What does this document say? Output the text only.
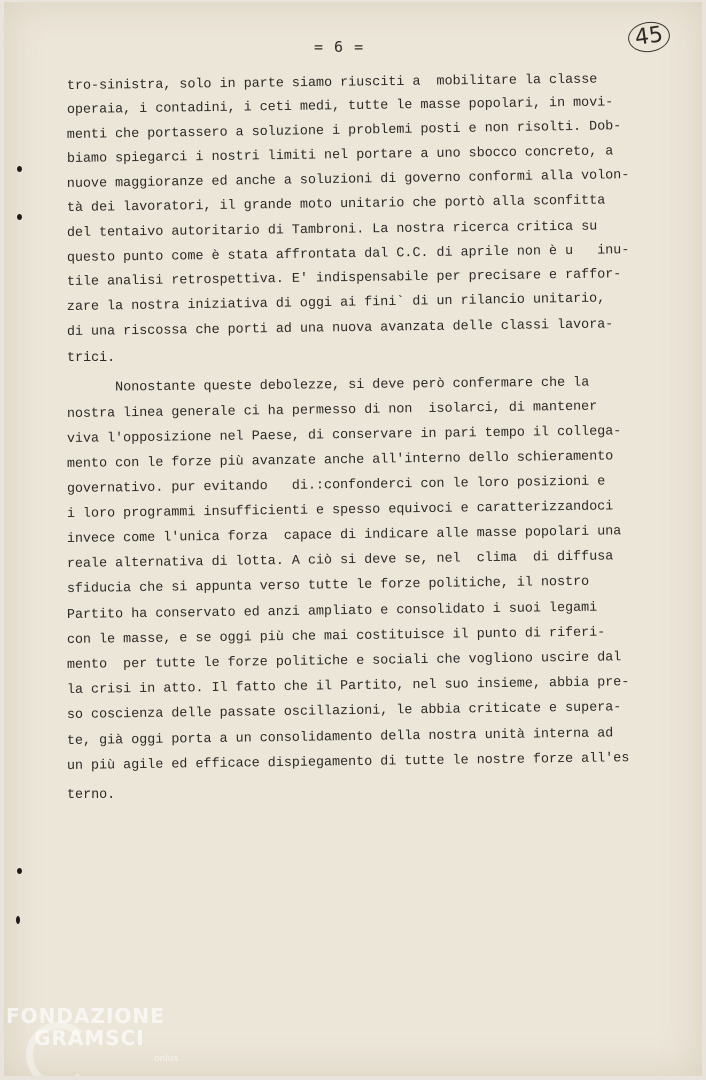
= 6 =	45
tro-sinistra, solo in parte siamo riusciti a  mobilitare la classe
operaia, i contadini, i ceti medi, tutte le masse popolari, in movi-
menti che portassero a soluzione i problemi posti e non risolti. Dob-
biamo spiegarci i nostri limiti nel portare a uno sbocco concreto, a
nuove maggioranze ed anche a soluzioni di governo conformi alla volon-
tà dei lavoratori, il grande moto unitario che portò alla sconfitta
del tentaivo autoritario di Tambroni. La nostra ricerca critica su
questo punto come è stata affrontata dal C.C. di aprile non è u   inu-
tile analisi retrospettiva. E' indispensabile per precisare e raffor-
zare la nostra iniziativa di oggi ai fini` di un rilancio unitario,
di una riscossa che porti ad una nuova avanzata delle classi lavora-
trici.
Nonostante queste debolezze, si deve però confermare che la
nostra linea generale ci ha permesso di non  isolarci, di mantener
viva l'opposizione nel Paese, di conservare in pari tempo il collega-
mento con le forze più avanzate anche all'interno dello schieramento
governativo. pur evitando   di.:confonderci con le loro posizioni e
i loro programmi insufficienti e spesso equivoci e caratterizzandoci
invece come l'unica forza  capace di indicare alle masse popolari una
reale alternativa di lotta. A ciò si deve se, nel  clima  di diffusa
sfiducia che si appunta verso tutte le forze politiche, il nostro
Partito ha conservato ed anzi ampliato e consolidato i suoi legami
con le masse, e se oggi più che mai costituisce il punto di riferi-
mento  per tutte le forze politiche e sociali che vogliono uscire dal
la crisi in atto. Il fatto che il Partito, nel suo insieme, abbia pre-
so coscienza delle passate oscillazioni, le abbia criticate e supera-
te, già oggi porta a un consolidamento della nostra unità interna ad
un più agile ed efficace dispiegamento di tutte le nostre forze all'es
terno.
FONDAZIONE
GRAMSCI
onlus
